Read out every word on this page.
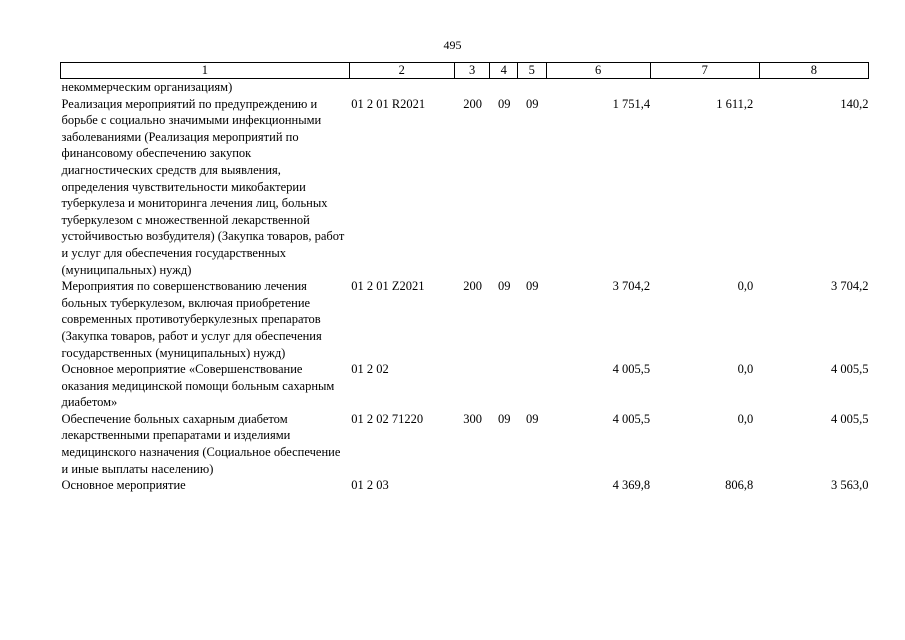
495
1	2	3	4	5	6	7	8
некоммерческим организациям)							
Реализация мероприятий по предупреждению и борьбе с социально значимыми инфекционными заболеваниями (Реализация мероприятий по финансовому обеспечению закупок диагностических средств для выявления, определения чувствительности микобактерии туберкулеза и мониторинга лечения лиц, больных туберкулезом с множественной лекарственной устойчивостью возбудителя) (Закупка товаров, работ и услуг для обеспечения государственных (муниципальных) нужд)	01 2 01 R2021	200	09	09	1 751,4	1 611,2	140,2
Мероприятия по совершенствованию лечения больных туберкулезом, включая приобретение современных противотуберкулезных препаратов (Закупка товаров, работ и услуг для обеспечения государственных (муниципальных) нужд)	01 2 01 Z2021	200	09	09	3 704,2	0,0	3 704,2
Основное мероприятие «Совершенствование оказания медицинской помощи больным сахарным диабетом»	01 2 02				4 005,5	0,0	4 005,5
Обеспечение больных сахарным диабетом лекарственными препаратами и изделиями медицинского назначения (Социальное обеспечение и иные выплаты населению)	01 2 02 71220	300	09	09	4 005,5	0,0	4 005,5
Основное мероприятие	01 2 03				4 369,8	806,8	3 563,0
